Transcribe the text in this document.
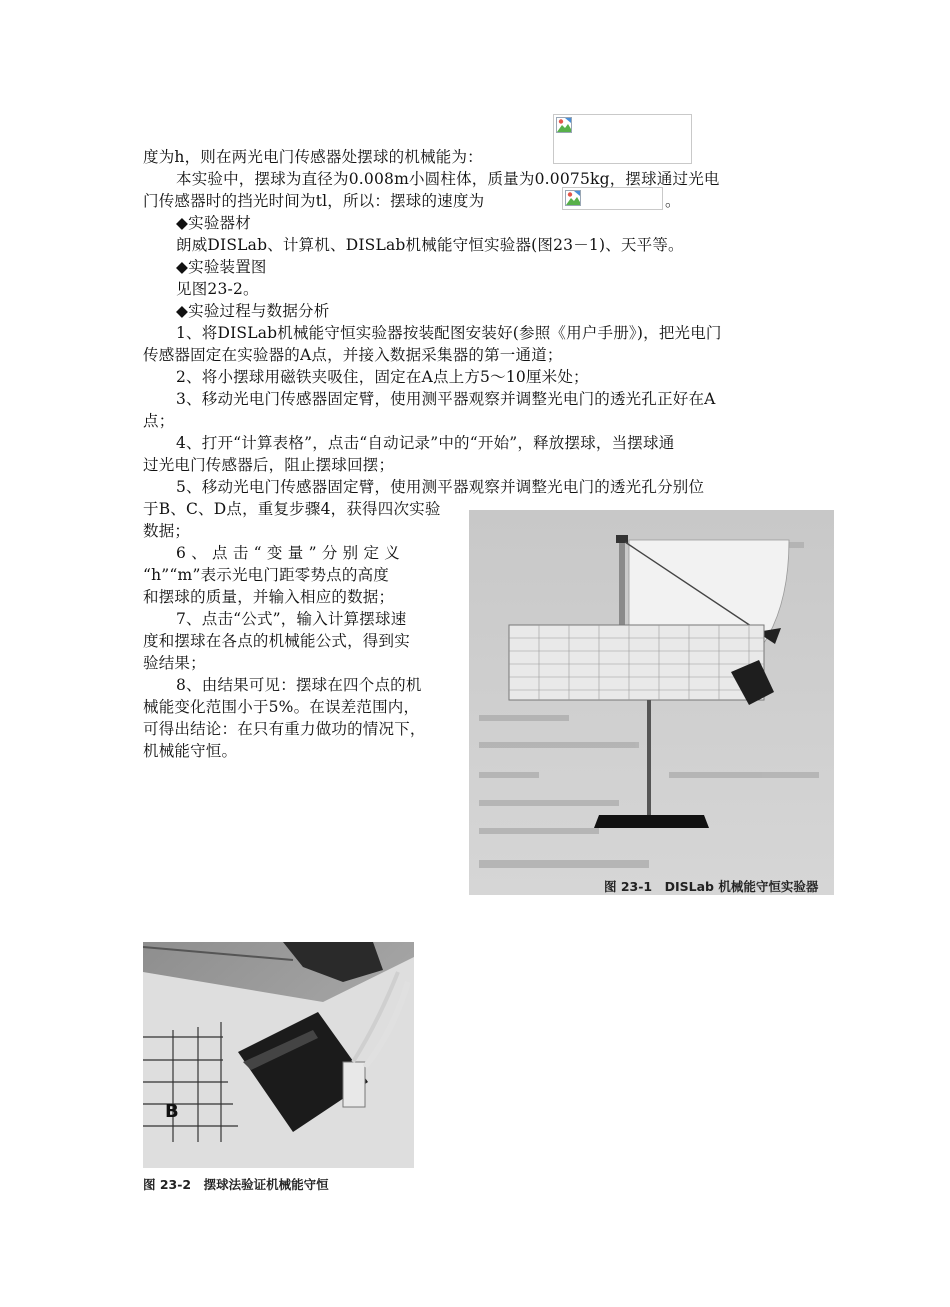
度为h，则在两光电门传感器处摆球的机械能为：
本实验中，摆球为直径为0.008m小圆柱体，质量为0.0075kg，摆球通过光电
门传感器时的挡光时间为tl，所以：摆球的速度为	。
◆实验器材
朗威DISLab、计算机、DISLab机械能守恒实验器(图23－1)、天平等。
◆实验装置图
见图23-2。
◆实验过程与数据分析
1、将DISLab机械能守恒实验器按装配图安装好(参照《用户手册》)，把光电门
传感器固定在实验器的A点，并接入数据采集器的第一通道；
2、将小摆球用磁铁夹吸住，固定在A点上方5～10厘米处；
3、移动光电门传感器固定臂，使用测平器观察并调整光电门的透光孔正好在A
点；
4、打开“计算表格”，点击“自动记录”中的“开始”，释放摆球，当摆球通
过光电门传感器后，阻止摆球回摆；
5、移动光电门传感器固定臂，使用测平器观察并调整光电门的透光孔分别位
于B、C、D点，重复步骤4，获得四次实验
数据；
6 、 点 击 “ 变 量 ” 分 别 定 义
“h”“m”表示光电门距零势点的高度
和摆球的质量，并输入相应的数据；
7、点击“公式”，输入计算摆球速
度和摆球在各点的机械能公式，得到实
验结果；
8、由结果可见：摆球在四个点的机
械能变化范围小于5%。在误差范围内，
可得出结论：在只有重力做功的情况下，
机械能守恒。
图 23-1　DISLab 机械能守恒实验器
B
图 23-2　摆球法验证机械能守恒
